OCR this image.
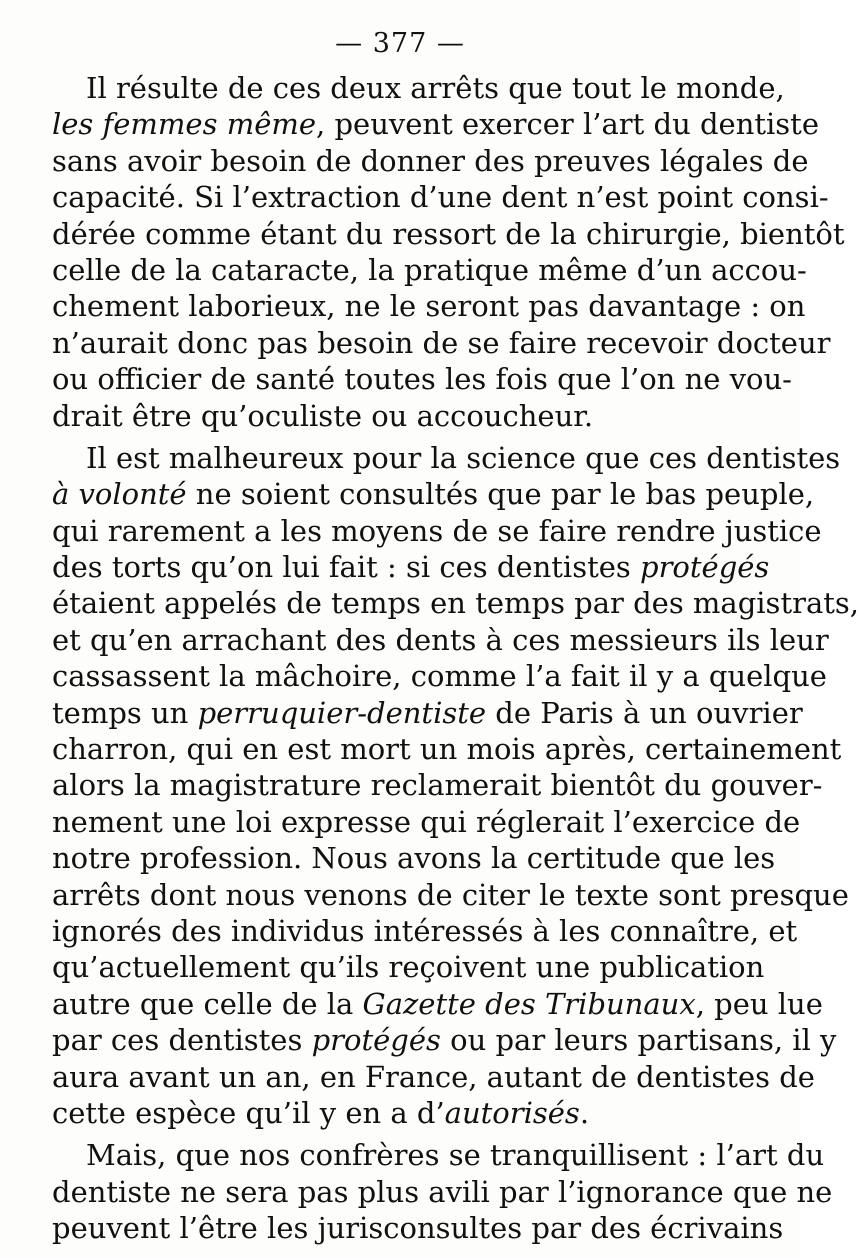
— 377 —
Il résulte de ces deux arrêts que tout le monde,
les femmes même, peuvent exercer l’art du dentiste
sans avoir besoin de donner des preuves légales de
capacité. Si l’extraction d’une dent n’est point consi-
dérée comme étant du ressort de la chirurgie, bientôt
celle de la cataracte, la pratique même d’un accou-
chement laborieux, ne le seront pas davantage : on
n’aurait donc pas besoin de se faire recevoir docteur
ou officier de santé toutes les fois que l’on ne vou-
drait être qu’oculiste ou accoucheur.
Il est malheureux pour la science que ces dentistes
à volonté ne soient consultés que par le bas peuple,
qui rarement a les moyens de se faire rendre justice
des torts qu’on lui fait : si ces dentistes protégés
étaient appelés de temps en temps par des magistrats,
et qu’en arrachant des dents à ces messieurs ils leur
cassassent la mâchoire, comme l’a fait il y a quelque
temps un perruquier-dentiste de Paris à un ouvrier
charron, qui en est mort un mois après, certainement
alors la magistrature reclamerait bientôt du gouver-
nement une loi expresse qui réglerait l’exercice de
notre profession. Nous avons la certitude que les
arrêts dont nous venons de citer le texte sont presque
ignorés des individus intéressés à les connaître, et
qu’actuellement qu’ils reçoivent une publication
autre que celle de la Gazette des Tribunaux, peu lue
par ces dentistes protégés ou par leurs partisans, il y
aura avant un an, en France, autant de dentistes de
cette espèce qu’il y en a d’autorisés.
Mais, que nos confrères se tranquillisent : l’art du
dentiste ne sera pas plus avili par l’ignorance que ne
peuvent l’être les jurisconsultes par des écrivains
